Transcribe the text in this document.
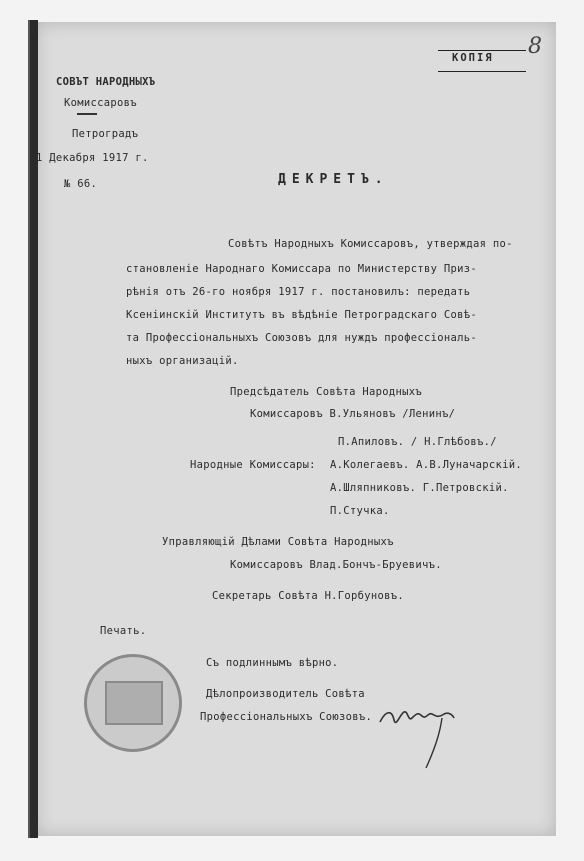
КОПІЯ 8
СОВЪТ НАРОДНЫХЪ
Комиссаровъ
Петроградъ
1 Декабря 1917 г.
№ 66.	ДЕКРЕТЪ.
Совѣтъ Народныхъ Комиссаровъ, утверждая по-
становленіе Народнаго Комиссара по Министерству Приз-
рѣнія отъ 26-го ноября 1917 г. постановилъ: передать
Ксеніинскій Институтъ въ вѣдѣніе Петроградскаго Совѣ-
та Профессіональныхъ Союзовъ для нуждъ профессіональ-
ныхъ организацій.
Предсѣдатель Совѣта Народныхъ
Комиссаровъ В.Ульяновъ /Ленинъ/
Народные Комиссары:
П.Апиловъ. / Н.Глѣбовъ./
А.Колегаевъ. А.В.Луначарскій.
А.Шляпниковъ. Г.Петровскій.
П.Стучка.
Управляющій Дѣлами Совѣта Народныхъ
Комиссаровъ Влад.Бончъ-Бруевичъ.
Секретарь Совѣта Н.Горбуновъ.
Печать.
Съ подлиннымъ вѣрно.
Дѣлопроизводитель Совѣта
Профессіональныхъ Союзовъ.
